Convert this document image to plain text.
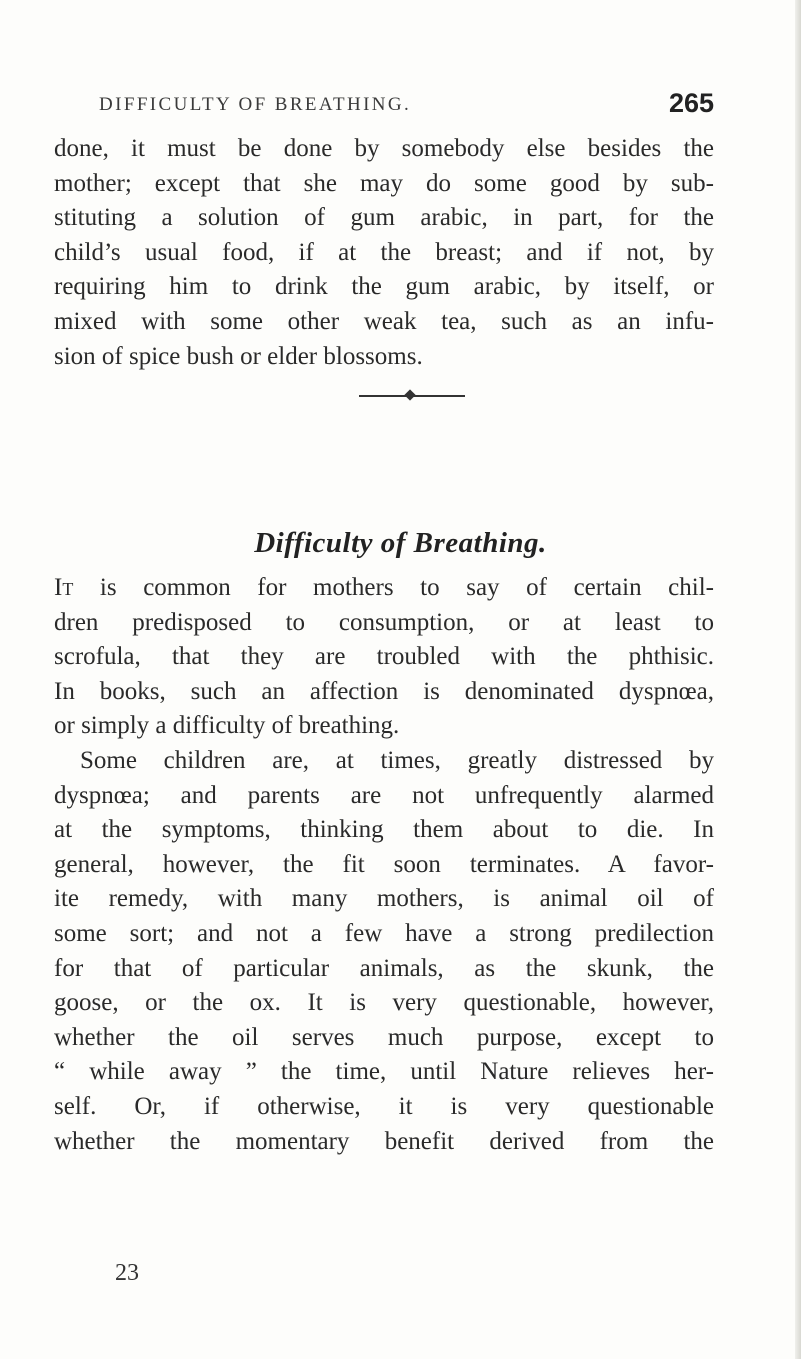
DIFFICULTY OF BREATHING.	265
done, it must be done by somebody else besides the
mother; except that she may do some good by sub-
stituting a solution of gum arabic, in part, for the
child’s usual food, if at the breast; and if not, by
requiring him to drink the gum arabic, by itself, or
mixed with some other weak tea, such as an infu-
sion of spice bush or elder blossoms.
Difficulty of Breathing.
It is common for mothers to say of certain chil-
dren predisposed to consumption, or at least to
scrofula, that they are troubled with the phthisic.
In books, such an affection is denominated dyspnœa,
or simply a difficulty of breathing.
Some children are, at times, greatly distressed by
dyspnœa; and parents are not unfrequently alarmed
at the symptoms, thinking them about to die. In
general, however, the fit soon terminates. A favor-
ite remedy, with many mothers, is animal oil of
some sort; and not a few have a strong predilection
for that of particular animals, as the skunk, the
goose, or the ox. It is very questionable, however,
whether the oil serves much purpose, except to
“ while away ” the time, until Nature relieves her-
self. Or, if otherwise, it is very questionable
whether the momentary benefit derived from the
23
